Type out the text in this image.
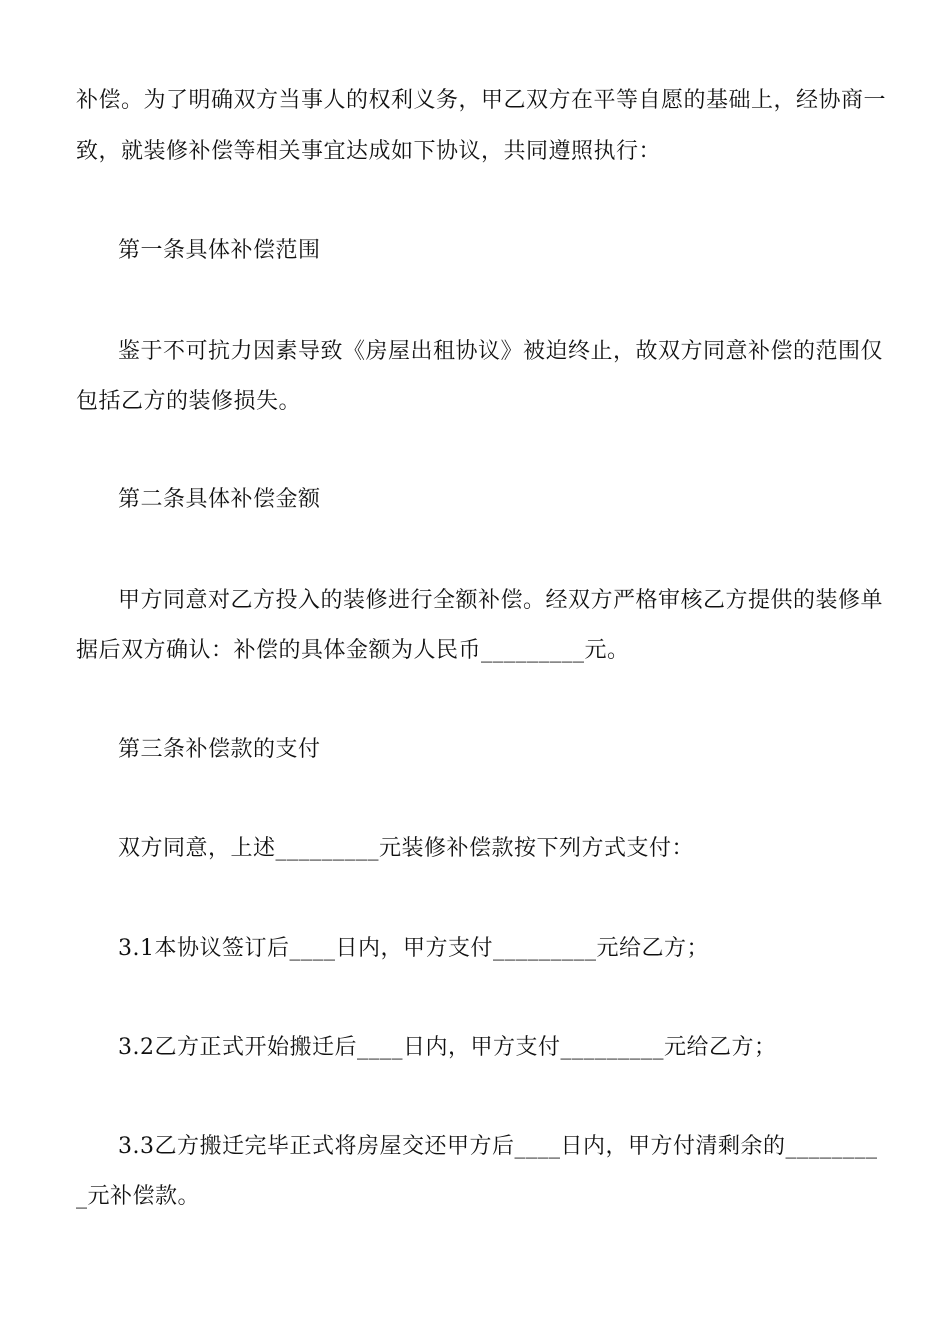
补偿。为了明确双方当事人的权利义务，甲乙双方在平等自愿的基础上，经协商一
致，就装修补偿等相关事宜达成如下协议，共同遵照执行：
第一条具体补偿范围
鉴于不可抗力因素导致《房屋出租协议》被迫终止，故双方同意补偿的范围仅
包括乙方的装修损失。
第二条具体补偿金额
甲方同意对乙方投入的装修进行全额补偿。经双方严格审核乙方提供的装修单
据后双方确认：补偿的具体金额为人民币_________元。
第三条补偿款的支付
双方同意，上述_________元装修补偿款按下列方式支付：
3.1本协议签订后____日内，甲方支付_________元给乙方；
3.2乙方正式开始搬迁后____日内，甲方支付_________元给乙方；
3.3乙方搬迁完毕正式将房屋交还甲方后____日内，甲方付清剩余的________
_元补偿款。
